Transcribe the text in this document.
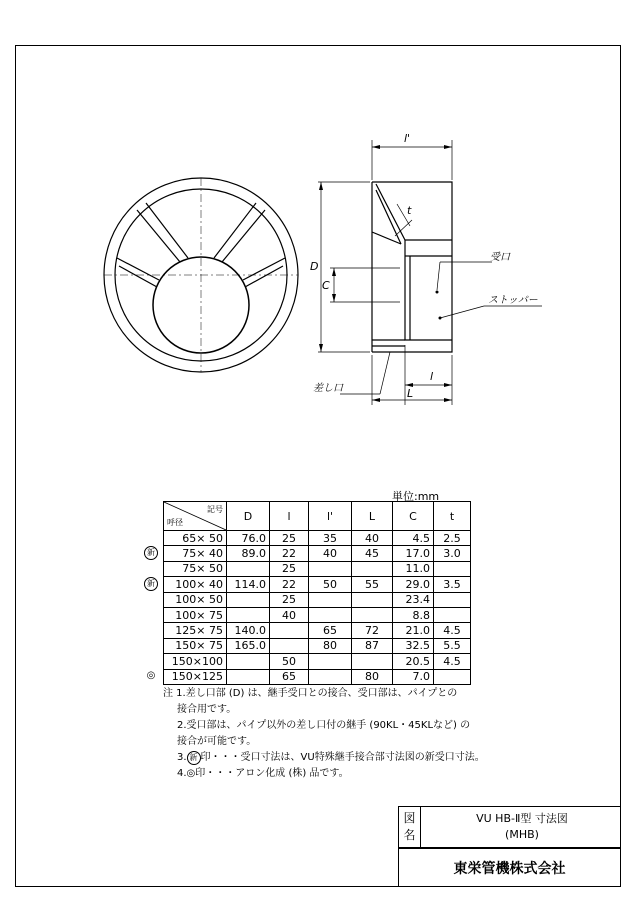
l'
t
D
C
l
L
受口
ストッパー
差し口
単位:mm
記号
呼径	D	l	l'	L	C	t
65× 50	76.0	25	35	40	4.5	2.5
75× 40	89.0	22	40	45	17.0	3.0
75× 50		25			11.0	
100× 40	114.0	22	50	55	29.0	3.5
100× 50		25			23.4	
100× 75		40			8.8	
125× 75	140.0		65	72	21.0	4.5
150× 75	165.0		80	87	32.5	5.5
150×100		50			20.5	4.5
150×125		65		80	7.0	
新
新
◎
注 1.差し口部 (D) は、継手受口との接合、受口部は、パイプとの
接合用です。
2.受口部は、パイプ以外の差し口付の継手 (90KL・45KLなど) の
接合が可能です。
3. 新 印・・・受口寸法は、VU特殊継手接合部寸法図の新受口寸法。
4.◎印・・・アロン化成 (株) 品です。
図名
VU HB-Ⅱ型 寸法図
(MHB)
東栄管機株式会社
